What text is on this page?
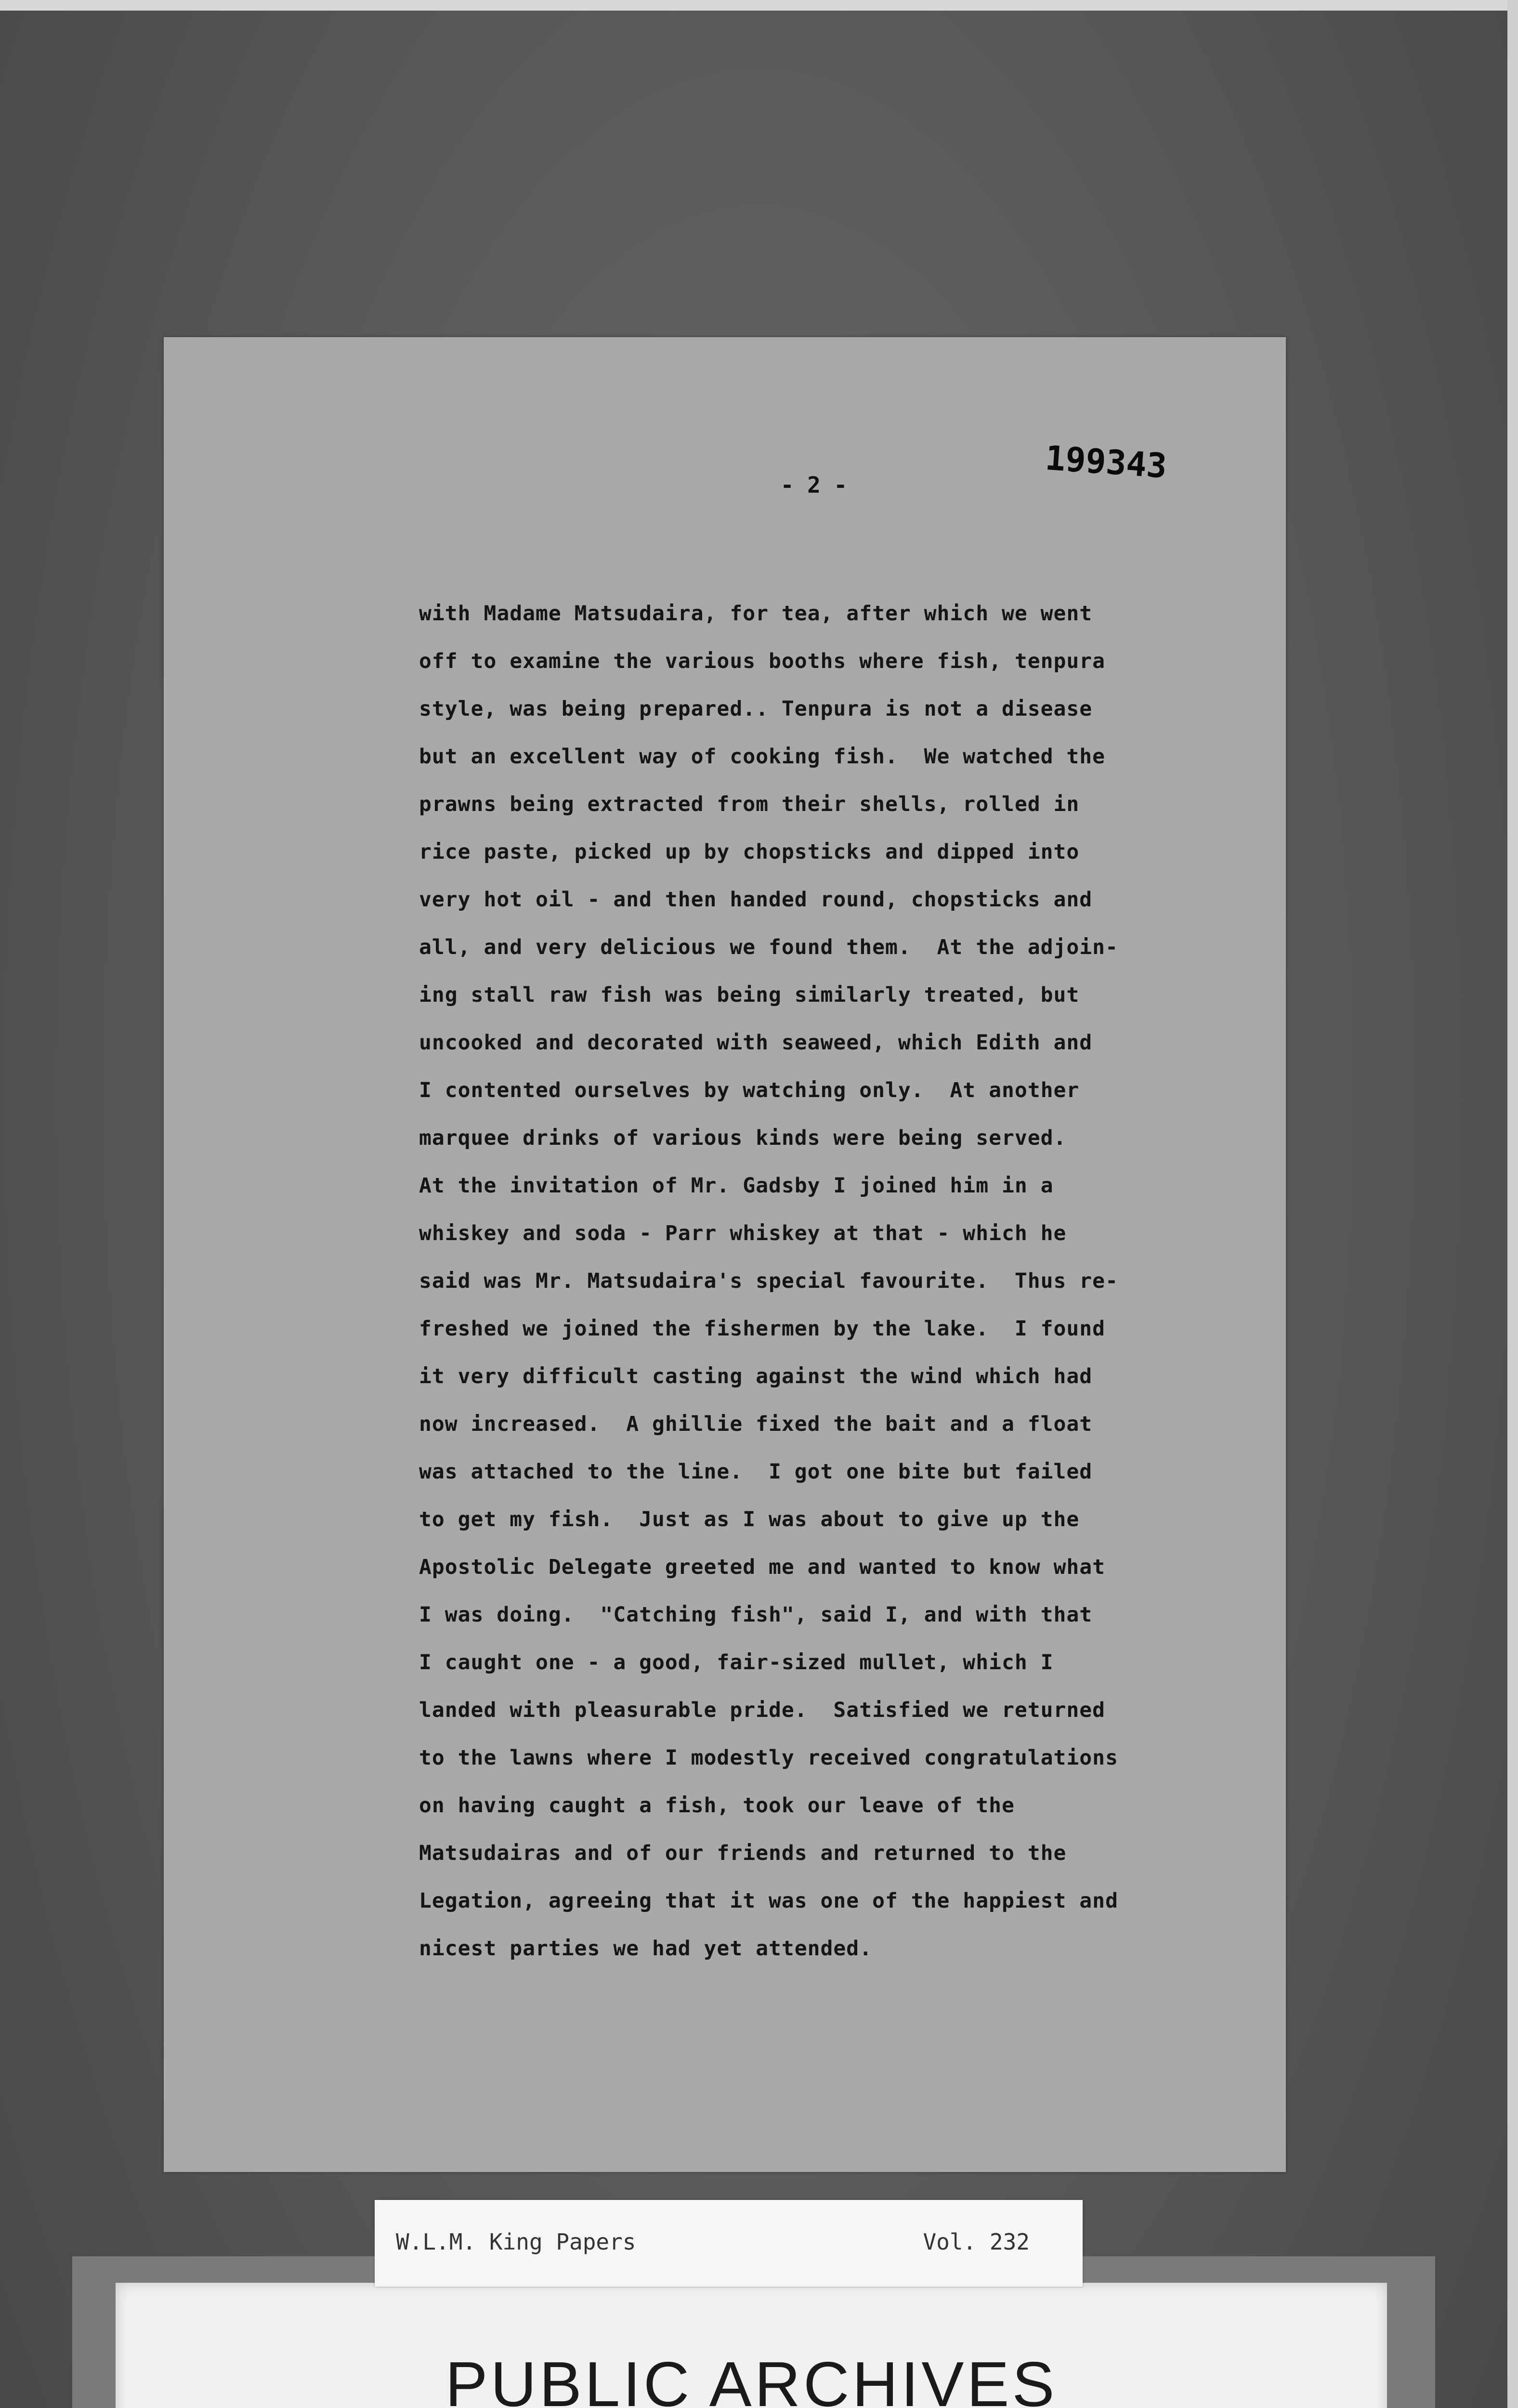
- 2 -	199343
with Madame Matsudaira, for tea, after which we went
off to examine the various booths where fish, tenpura
style, was being prepared.. Tenpura is not a disease
but an excellent way of cooking fish.  We watched the
prawns being extracted from their shells, rolled in
rice paste, picked up by chopsticks and dipped into
very hot oil - and then handed round, chopsticks and
all, and very delicious we found them.  At the adjoin-
ing stall raw fish was being similarly treated, but
uncooked and decorated with seaweed, which Edith and
I contented ourselves by watching only.  At another
marquee drinks of various kinds were being served.
At the invitation of Mr. Gadsby I joined him in a
whiskey and soda - Parr whiskey at that - which he
said was Mr. Matsudaira's special favourite.  Thus re-
freshed we joined the fishermen by the lake.  I found
it very difficult casting against the wind which had
now increased.  A ghillie fixed the bait and a float
was attached to the line.  I got one bite but failed
to get my fish.  Just as I was about to give up the
Apostolic Delegate greeted me and wanted to know what
I was doing.  "Catching fish", said I, and with that
I caught one - a good, fair-sized mullet, which I
landed with pleasurable pride.  Satisfied we returned
to the lawns where I modestly received congratulations
on having caught a fish, took our leave of the
Matsudairas and of our friends and returned to the
Legation, agreeing that it was one of the happiest and
nicest parties we had yet attended.
PUBLIC ARCHIVES
W.L.M. King Papers	Vol. 232
